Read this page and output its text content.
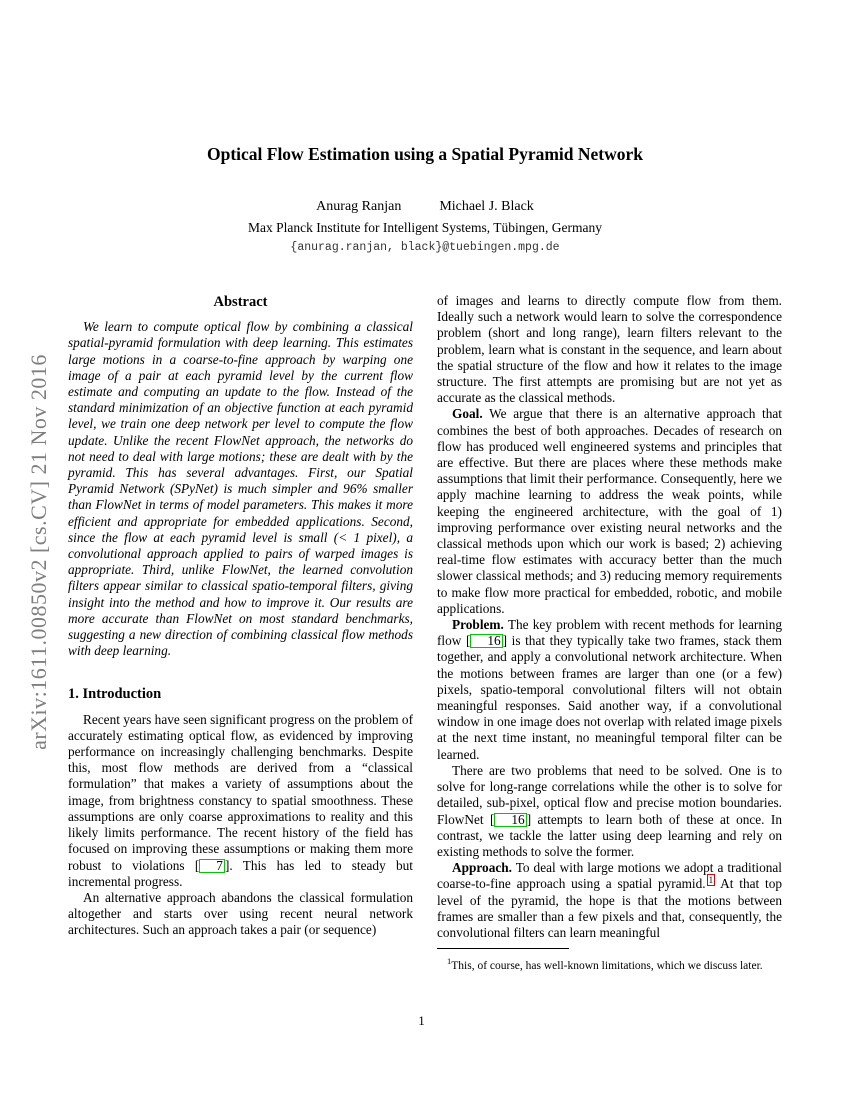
arXiv:1611.00850v2 [cs.CV] 21 Nov 2016
Optical Flow Estimation using a Spatial Pyramid Network
Anurag Ranjan	Michael J. Black
Max Planck Institute for Intelligent Systems, Tübingen, Germany
{anurag.ranjan, black}@tuebingen.mpg.de
Abstract

We learn to compute optical flow by combining a classical spatial-pyramid formulation with deep learning. This estimates large motions in a coarse-to-fine approach by warping one image of a pair at each pyramid level by the current flow estimate and computing an update to the flow. Instead of the standard minimization of an objective function at each pyramid level, we train one deep network per level to compute the flow update. Unlike the recent FlowNet approach, the networks do not need to deal with large motions; these are dealt with by the pyramid. This has several advantages. First, our Spatial Pyramid Network (SPyNet) is much simpler and 96% smaller than FlowNet in terms of model parameters. This makes it more efficient and appropriate for embedded applications. Second, since the flow at each pyramid level is small (< 1 pixel), a convolutional approach applied to pairs of warped images is appropriate. Third, unlike FlowNet, the learned convolution filters appear similar to classical spatio-temporal filters, giving insight into the method and how to improve it. Our results are more accurate than FlowNet on most standard benchmarks, suggesting a new direction of combining classical flow methods with deep learning.

1. Introduction

Recent years have seen significant progress on the problem of accurately estimating optical flow, as evidenced by improving performance on increasingly challenging benchmarks. Despite this, most flow methods are derived from a “classical formulation” that makes a variety of assumptions about the image, from brightness constancy to spatial smoothness. These assumptions are only coarse approximations to reality and this likely limits performance. The recent history of the field has focused on improving these assumptions or making them more robust to violations [ 7 ]. This has led to steady but incremental progress.

An alternative approach abandons the classical formulation altogether and starts over using recent neural network architectures. Such an approach takes a pair (or sequence)

of images and learns to directly compute flow from them. Ideally such a network would learn to solve the correspondence problem (short and long range), learn filters relevant to the problem, learn what is constant in the sequence, and learn about the spatial structure of the flow and how it relates to the image structure. The first attempts are promising but are not yet as accurate as the classical methods.

Goal. We argue that there is an alternative approach that combines the best of both approaches. Decades of research on flow has produced well engineered systems and principles that are effective. But there are places where these methods make assumptions that limit their performance. Consequently, here we apply machine learning to address the weak points, while keeping the engineered architecture, with the goal of 1) improving performance over existing neural networks and the classical methods upon which our work is based; 2) achieving real-time flow estimates with accuracy better than the much slower classical methods; and 3) reducing memory requirements to make flow more practical for embedded, robotic, and mobile applications.

Problem. The key problem with recent methods for learning flow [ 16 ] is that they typically take two frames, stack them together, and apply a convolutional network architecture. When the motions between frames are larger than one (or a few) pixels, spatio-temporal convolutional filters will not obtain meaningful responses. Said another way, if a convolutional window in one image does not overlap with related image pixels at the next time instant, no meaningful temporal filter can be learned.

There are two problems that need to be solved. One is to solve for long-range correlations while the other is to solve for detailed, sub-pixel, optical flow and precise motion boundaries. FlowNet [ 16 ] attempts to learn both of these at once. In contrast, we tackle the latter using deep learning and rely on existing methods to solve the former.

Approach. To deal with large motions we adopt a traditional coarse-to-fine approach using a spatial pyramid. $^1$ At that top level of the pyramid, the hope is that the motions between frames are smaller than a few pixels and that, consequently, the convolutional filters can learn meaningful

$^1$This, of course, has well-known limitations, which we discuss later.
1
